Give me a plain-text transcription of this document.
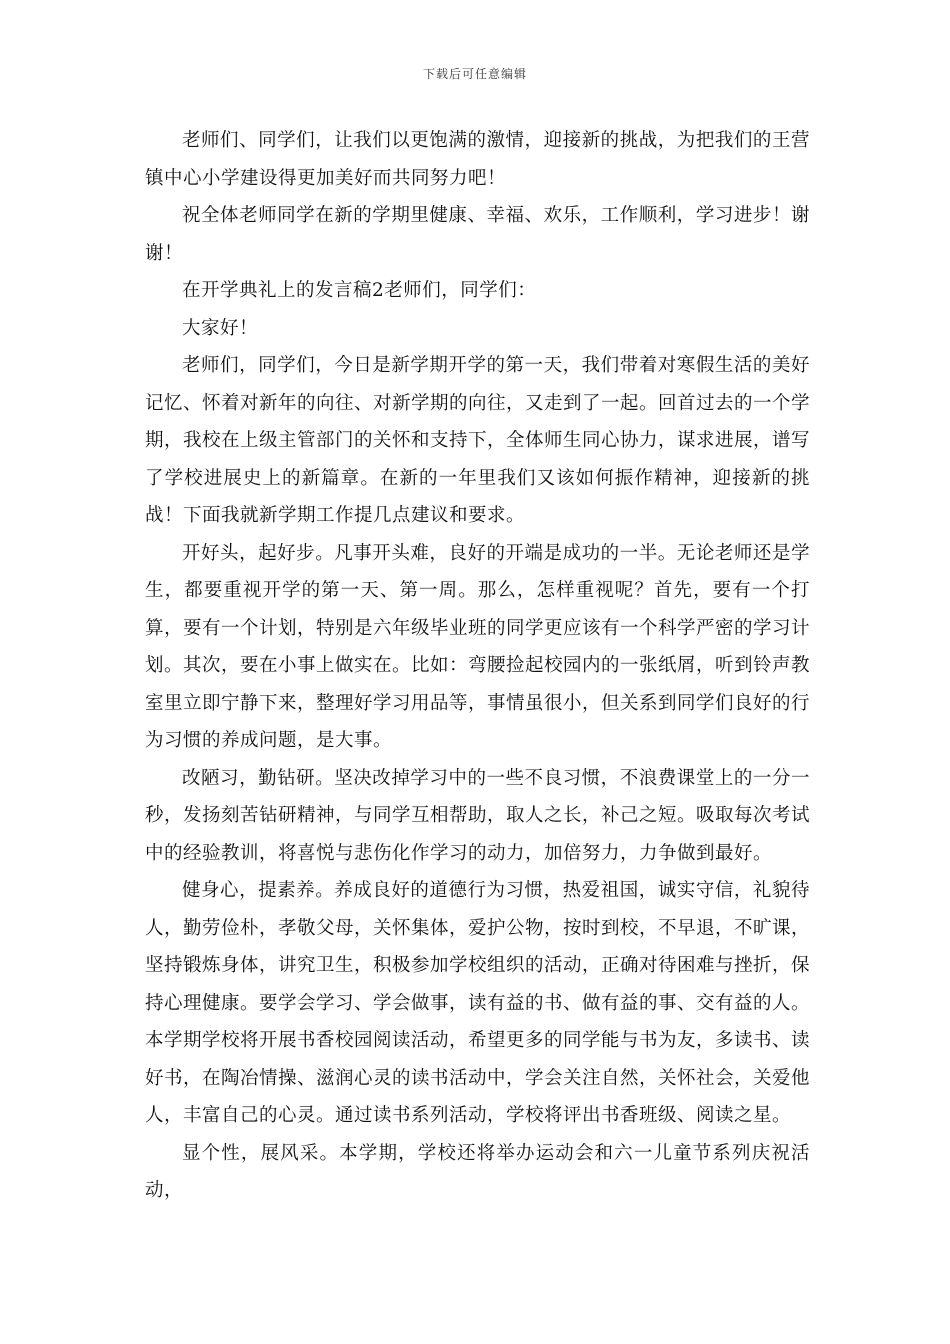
下载后可任意编辑

老师们、同学们，让我们以更饱满的激情，迎接新的挑战，为把我们的王营镇中心小学建设得更加美好而共同努力吧！

祝全体老师同学在新的学期里健康、幸福、欢乐，工作顺利，学习进步！谢谢！

在开学典礼上的发言稿2老师们，同学们：

大家好！

老师们，同学们，今日是新学期开学的第一天，我们带着对寒假生活的美好记忆、怀着对新年的向往、对新学期的向往，又走到了一起。回首过去的一个学期，我校在上级主管部门的关怀和支持下，全体师生同心协力，谋求进展，谱写了学校进展史上的新篇章。在新的一年里我们又该如何振作精神，迎接新的挑战！下面我就新学期工作提几点建议和要求。

开好头，起好步。凡事开头难，良好的开端是成功的一半。无论老师还是学生，都要重视开学的第一天、第一周。那么，怎样重视呢？首先，要有一个打算，要有一个计划，特别是六年级毕业班的同学更应该有一个科学严密的学习计划。其次，要在小事上做实在。比如：弯腰捡起校园内的一张纸屑，听到铃声教室里立即宁静下来，整理好学习用品等，事情虽很小，但关系到同学们良好的行为习惯的养成问题，是大事。

改陋习，勤钻研。坚决改掉学习中的一些不良习惯，不浪费课堂上的一分一秒，发扬刻苦钻研精神，与同学互相帮助，取人之长，补己之短。吸取每次考试中的经验教训，将喜悦与悲伤化作学习的动力，加倍努力，力争做到最好。

健身心，提素养。养成良好的道德行为习惯，热爱祖国，诚实守信，礼貌待人，勤劳俭朴，孝敬父母，关怀集体，爱护公物，按时到校，不早退，不旷课，坚持锻炼身体，讲究卫生，积极参加学校组织的活动，正确对待困难与挫折，保持心理健康。要学会学习、学会做事，读有益的书、做有益的事、交有益的人。本学期学校将开展书香校园阅读活动，希望更多的同学能与书为友，多读书、读好书，在陶冶情操、滋润心灵的读书活动中，学会关注自然，关怀社会，关爱他人，丰富自己的心灵。通过读书系列活动，学校将评出书香班级、阅读之星。

显个性，展风采。本学期，学校还将举办运动会和六一儿童节系列庆祝活动，
